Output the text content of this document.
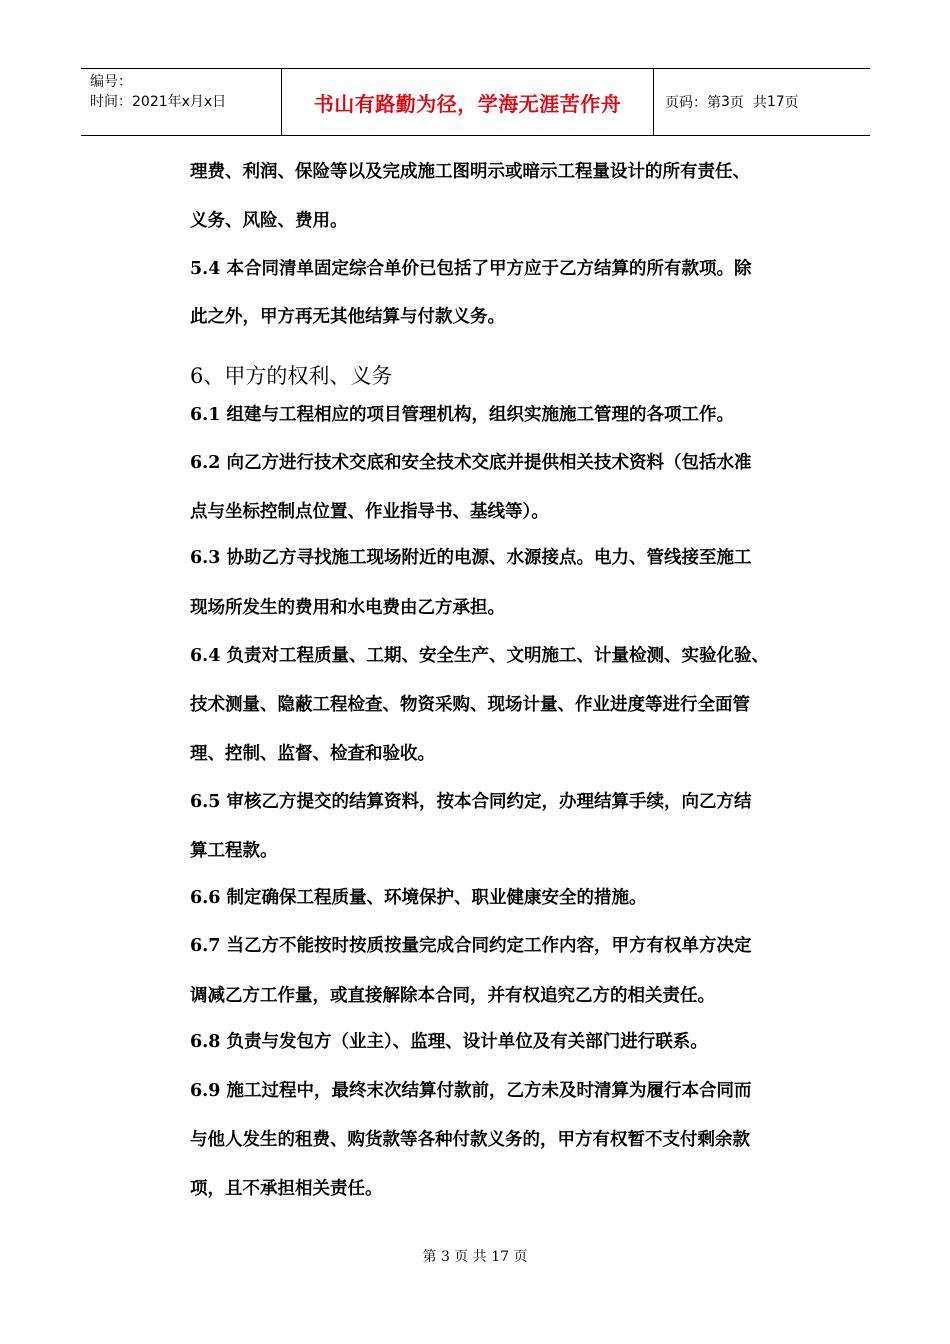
编号：
时间：2021年x月x日	书山有路勤为径，学海无涯苦作舟	页码：第 3 页  共 17 页
理费、利润、保险等以及完成施工图明示或暗示工程量设计的所有责任、
义务、风险、费用。
5.4 本合同清单固定综合单价已包括了甲方应于乙方结算的所有款项。除
此之外，甲方再无其他结算与付款义务。
6、甲方的权利、义务
6.1 组建与工程相应的项目管理机构，组织实施施工管理的各项工作。
6.2 向乙方进行技术交底和安全技术交底并提供相关技术资料（包括水准
点与坐标控制点位置、作业指导书、基线等）。
6.3 协助乙方寻找施工现场附近的电源、水源接点。电力、管线接至施工
现场所发生的费用和水电费由乙方承担。
6.4 负责对工程质量、工期、安全生产、文明施工、计量检测、实验化验、
技术测量、隐蔽工程检查、物资采购、现场计量、作业进度等进行全面管
理、控制、监督、检查和验收。
6.5 审核乙方提交的结算资料，按本合同约定，办理结算手续，向乙方结
算工程款。
6.6 制定确保工程质量、环境保护、职业健康安全的措施。
6.7 当乙方不能按时按质按量完成合同约定工作内容，甲方有权单方决定
调减乙方工作量，或直接解除本合同，并有权追究乙方的相关责任。
6.8 负责与发包方（业主）、监理、设计单位及有关部门进行联系。
6.9 施工过程中，最终末次结算付款前，乙方未及时清算为履行本合同而
与他人发生的租费、购货款等各种付款义务的，甲方有权暂不支付剩余款
项，且不承担相关责任。
第 3 页 共 17 页
